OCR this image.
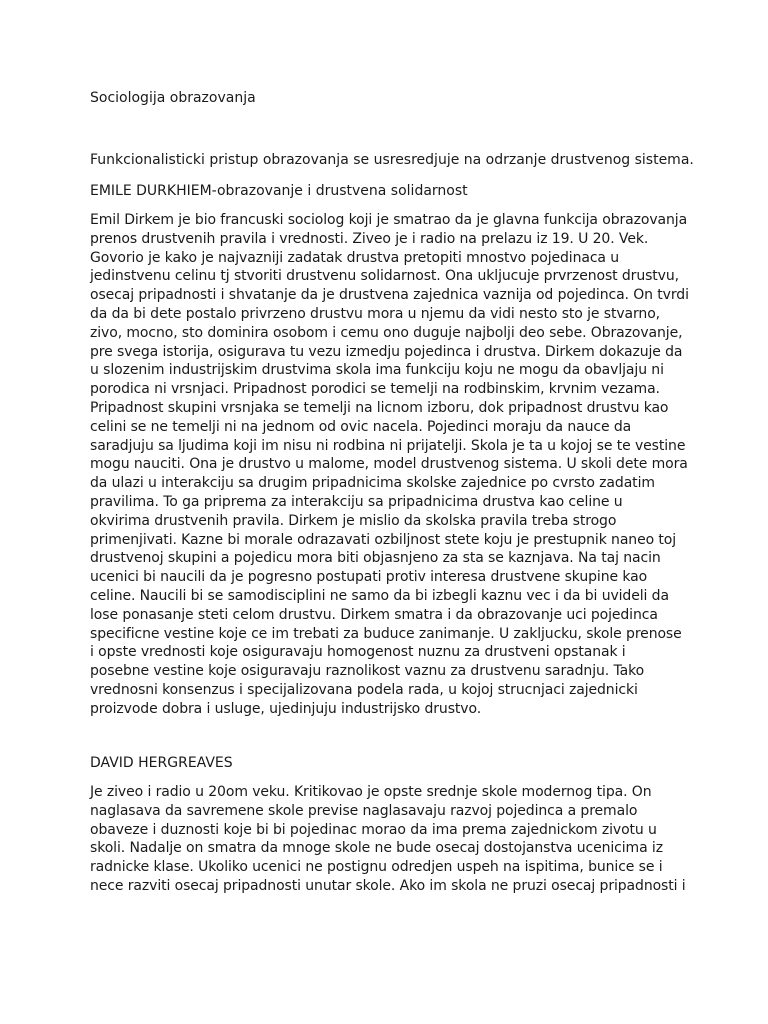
Sociologija obrazovanja
Funkcionalisticki pristup obrazovanja se usresredjuje na odrzanje drustvenog sistema.
EMILE DURKHIEM-obrazovanje i drustvena solidarnost
Emil Dirkem je bio francuski sociolog koji je smatrao da je glavna funkcija obrazovanja
prenos drustvenih pravila i vrednosti. Ziveo je i radio na prelazu iz 19. U 20. Vek.
Govorio je kako je najvazniji zadatak drustva pretopiti mnostvo pojedinaca u
jedinstvenu celinu tj stvoriti drustvenu solidarnost. Ona ukljucuje prvrzenost drustvu,
osecaj pripadnosti i shvatanje da je drustvena zajednica vaznija od pojedinca. On tvrdi
da da bi dete postalo privrzeno drustvu mora u njemu da vidi nesto sto je stvarno,
zivo, mocno, sto dominira osobom i cemu ono duguje najbolji deo sebe. Obrazovanje,
pre svega istorija, osigurava tu vezu izmedju pojedinca i drustva. Dirkem dokazuje da
u slozenim industrijskim drustvima skola ima funkciju koju ne mogu da obavljaju ni
porodica ni vrsnjaci. Pripadnost porodici se temelji na rodbinskim, krvnim vezama.
Pripadnost skupini vrsnjaka se temelji na licnom izboru, dok pripadnost drustvu kao
celini se ne temelji ni na jednom od ovic nacela. Pojedinci moraju da nauce da
saradjuju sa ljudima koji im nisu ni rodbina ni prijatelji. Skola je ta u kojoj se te vestine
mogu nauciti. Ona je drustvo u malome, model drustvenog sistema. U skoli dete mora
da ulazi u interakciju sa drugim pripadnicima skolske zajednice po cvrsto zadatim
pravilima. To ga priprema za interakciju sa pripadnicima drustva kao celine u
okvirima drustvenih pravila. Dirkem je mislio da skolska pravila treba strogo
primenjivati. Kazne bi morale odrazavati ozbiljnost stete koju je prestupnik naneo toj
drustvenoj skupini a pojedicu mora biti objasnjeno za sta se kaznjava. Na taj nacin
ucenici bi naucili da je pogresno postupati protiv interesa drustvene skupine kao
celine. Naucili bi se samodisciplini ne samo da bi izbegli kaznu vec i da bi uvideli da
lose ponasanje steti celom drustvu. Dirkem smatra i da obrazovanje uci pojedinca
specificne vestine koje ce im trebati za buduce zanimanje. U zakljucku, skole prenose
i opste vrednosti koje osiguravaju homogenost nuznu za drustveni opstanak i
posebne vestine koje osiguravaju raznolikost vaznu za drustvenu saradnju. Tako
vrednosni konsenzus i specijalizovana podela rada, u kojoj strucnjaci zajednicki
proizvode dobra i usluge, ujedinjuju industrijsko drustvo.
DAVID HERGREAVES
Je ziveo i radio u 20om veku. Kritikovao je opste srednje skole modernog tipa. On
naglasava da savremene skole previse naglasavaju razvoj pojedinca a premalo
obaveze i duznosti koje bi bi pojedinac morao da ima prema zajednickom zivotu u
skoli. Nadalje on smatra da mnoge skole ne bude osecaj dostojanstva ucenicima iz
radnicke klase. Ukoliko ucenici ne postignu odredjen uspeh na ispitima, bunice se i
nece razviti osecaj pripadnosti unutar skole. Ako im skola ne pruzi osecaj pripadnosti i
